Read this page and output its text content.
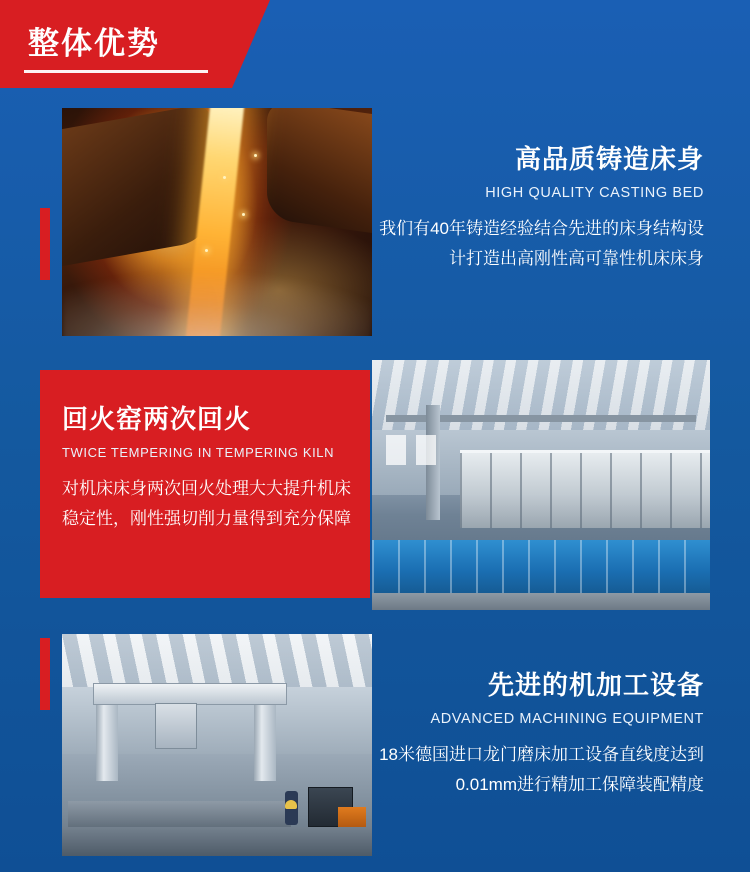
整体优势
高品质铸造床身
HIGH QUALITY CASTING BED
我们有40年铸造经验结合先进的床身结构设计打造出高刚性高可靠性机床床身
回火窑两次回火
TWICE TEMPERING IN TEMPERING KILN
对机床床身两次回火处理大大提升机床稳定性，刚性强切削力量得到充分保障
先进的机加工设备
ADVANCED MACHINING EQUIPMENT
18米德国进口龙门磨床加工设备直线度达到0.01mm进行精加工保障装配精度
